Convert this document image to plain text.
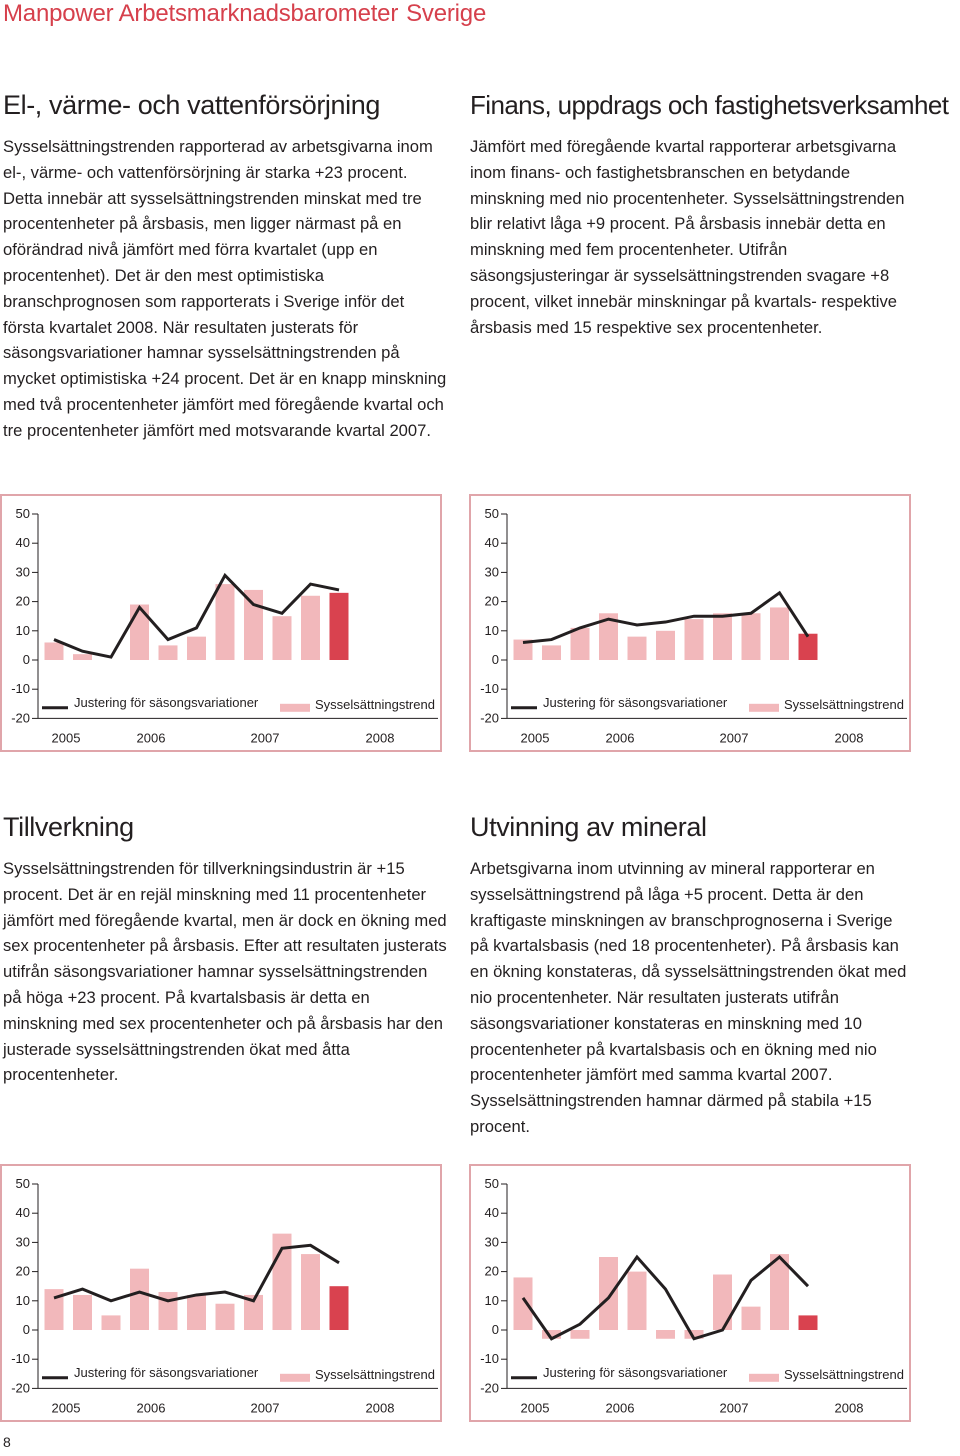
Manpower Arbetsmarknadsbarometer Sverige
El-, värme- och vattenförsörjning

Sysselsättningstrenden rapporterad av arbetsgivarna inom el-, värme- och vattenförsörjning är starka +23 procent. Detta innebär att sysselsättningstrenden minskat med tre procentenheter på årsbasis, men ligger närmast på en oförändrad nivå jämfört med förra kvartalet (upp en procentenhet). Det är den mest optimistiska branschprognosen som rapporterats i Sverige inför det första kvartalet 2008. När resultaten justerats för säsongsvariationer hamnar sysselsättningstrenden på mycket optimistiska +24 procent. Det är en knapp minskning med två procentenheter jämfört med föregående kvartal och tre procentenheter jämfört med motsvarande kvartal 2007.

Finans, uppdrags och fastighetsverksamhet

Jämfört med föregående kvartal rapporterar arbetsgivarna inom finans- och fastighetsbranschen en betydande minskning med nio procentenheter. Sysselsättningstrenden blir relativt låga +9 procent. På årsbasis innebär detta en minskning med fem procentenheter. Utifrån säsongsjusteringar är sysselsättningstrenden svagare +8 procent, vilket innebär minskningar på kvartals- respektive årsbasis med 15 respektive sex procentenheter.

50
40
30
20
10
0
-10
-20
Justering för säsongsvariationer	Sysselsättningstrend
2005	2006	2007	2008
50
40
30
20
10
0
-10
-20
Justering för säsongsvariationer	Sysselsättningstrend
2005	2006	2007	2008
Tillverkning

Sysselsättningstrenden för tillverkningsindustrin är +15 procent. Det är en rejäl minskning med 11 procentenheter jämfört med föregående kvartal, men är dock en ökning med sex procentenheter på årsbasis. Efter att resultaten justerats utifrån säsongsvariationer hamnar sysselsättningstrenden på höga +23 procent. På kvartalsbasis är detta en minskning med sex procentenheter och på årsbasis har den justerade sysselsättningstrenden ökat med åtta procentenheter.

Utvinning av mineral

Arbetsgivarna inom utvinning av mineral rapporterar en sysselsättningstrend på låga +5 procent. Detta är den kraftigaste minskningen av branschprognoserna i Sverige på kvartalsbasis (ned 18 procentenheter). På årsbasis kan en ökning konstateras, då sysselsättningstrenden ökat med nio procentenheter. När resultaten justerats utifrån säsongsvariationer konstateras en minskning med 10 procentenheter på kvartalsbasis och en ökning med nio procentenheter jämfört med samma kvartal 2007. Sysselsättningstrenden hamnar därmed på stabila +15 procent.

50
40
30
20
10
0
-10
-20
Justering för säsongsvariationer	Sysselsättningstrend
2005	2006	2007	2008
50
40
30
20
10
0
-10
-20
Justering för säsongsvariationer	Sysselsättningstrend
2005	2006	2007	2008
8
